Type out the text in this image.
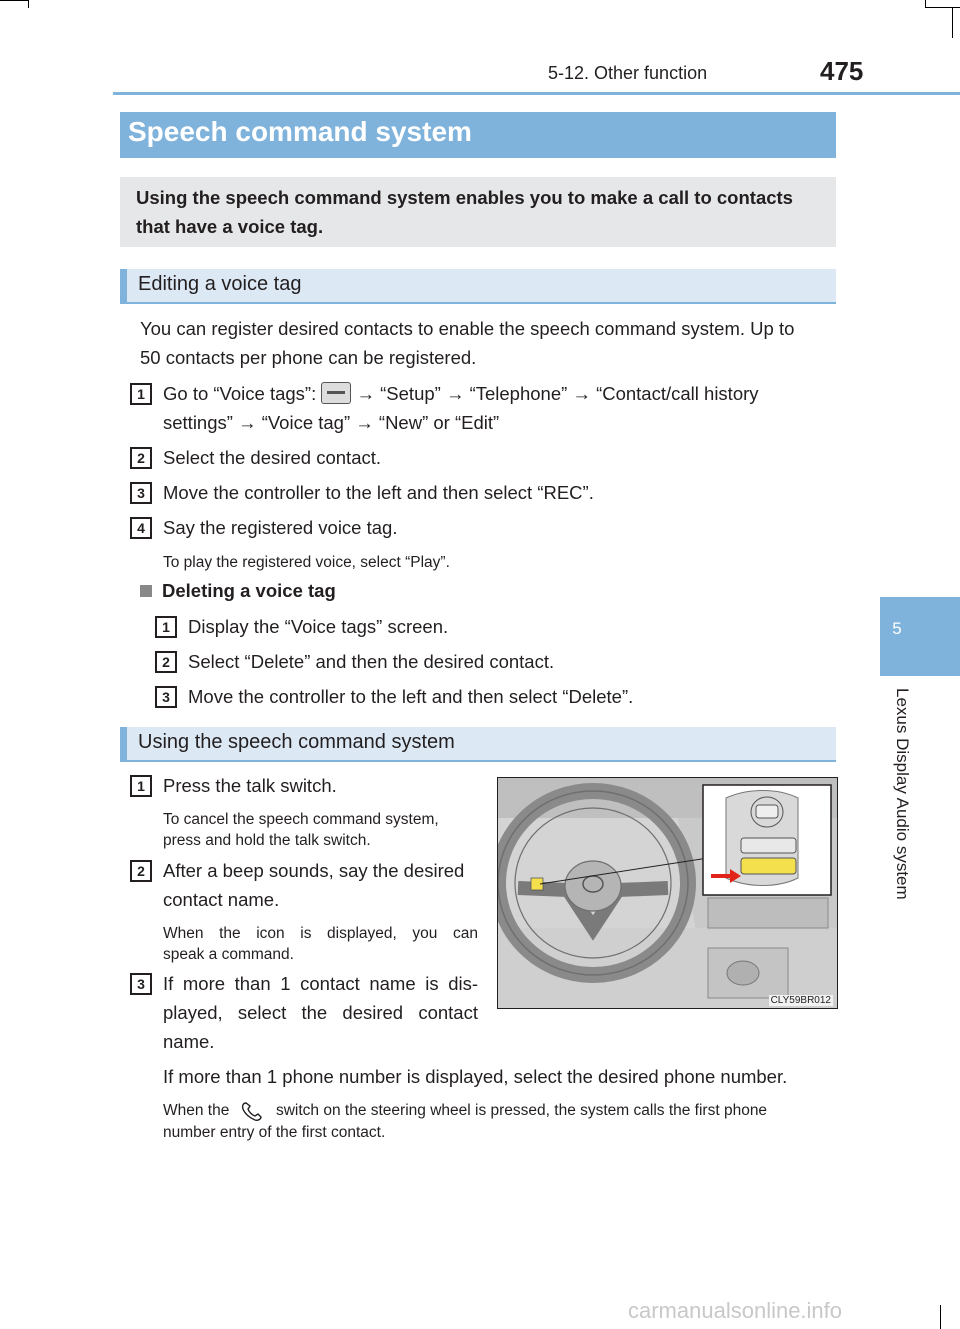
5-12. Other function	475
5
Lexus Display Audio system
Speech command system
Using the speech command system enables you to make a call to contacts that have a voice tag.
Editing a voice tag
You can register desired contacts to enable the speech command system. Up to
50 contacts per phone can be registered.
1 Go to “Voice tags”: → “Setup” → “Telephone” → “Contact/call history
settings” → “Voice tag” → “New” or “Edit”
2 Select the desired contact.
3 Move the controller to the left and then select “REC”.
4 Say the registered voice tag.
To play the registered voice, select “Play”.
Deleting a voice tag
1 Display the “Voice tags” screen.
2 Select “Delete” and then the desired contact.
3 Move the controller to the left and then select “Delete”.
Using the speech command system
1 Press the talk switch.
To cancel the speech command system,
press and hold the talk switch.
2 After a beep sounds, say the desired
contact name.
When the icon is displayed, you can
speak a command.
3 If more than 1 contact name is dis-
played, select the desired contact
name.
If more than 1 phone number is displayed, select the desired phone number.
When the	switch on the steering wheel is pressed, the system calls the first phone
number entry of the first contact.
CLY59BR012
carmanualsonline.info
